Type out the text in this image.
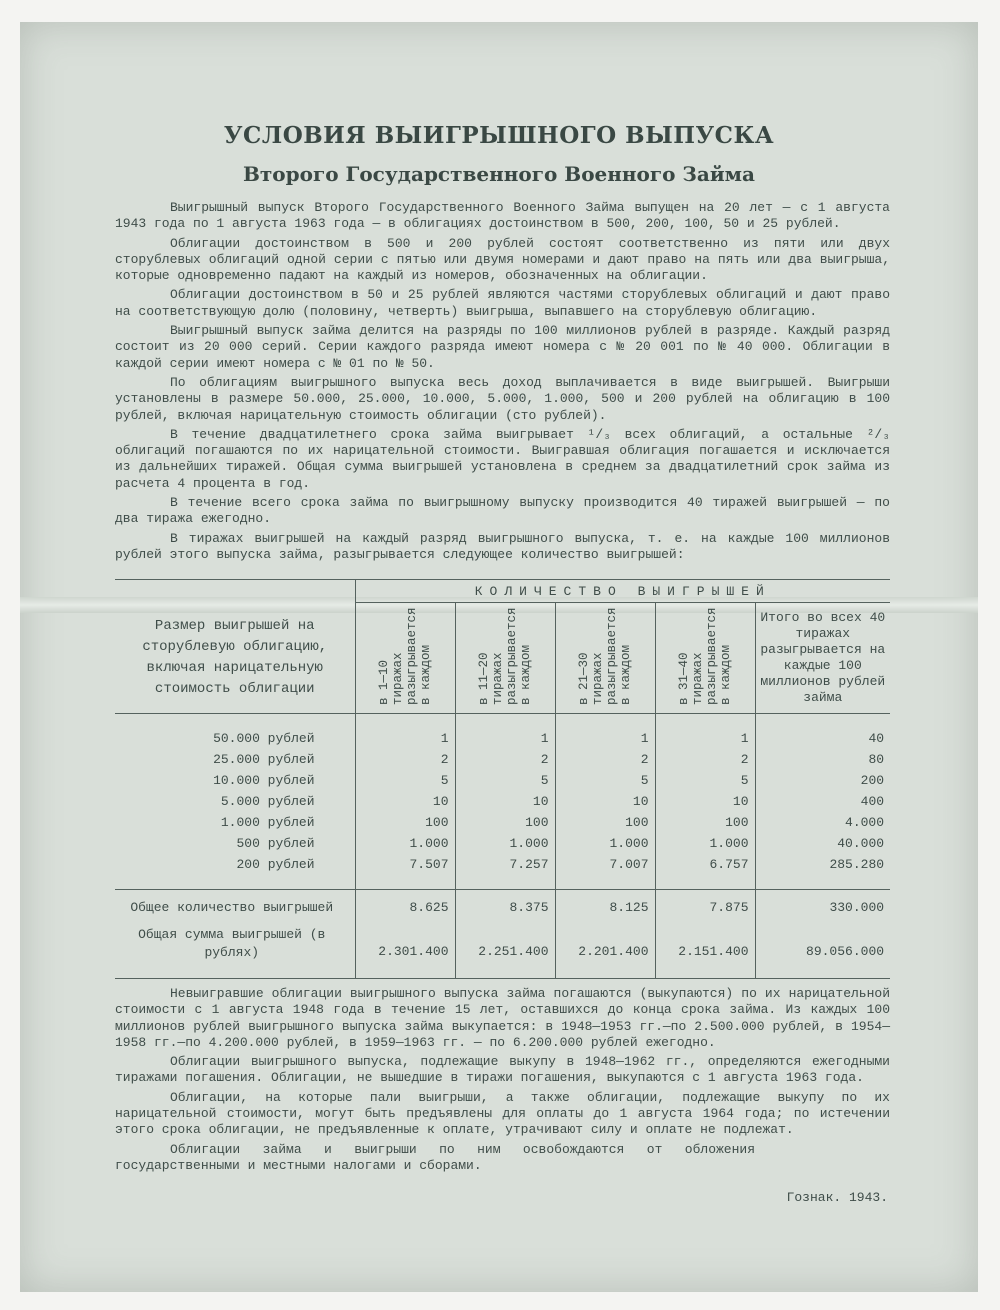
УСЛОВИЯ ВЫИГРЫШНОГО ВЫПУСКА
Второго Государственного Военного Займа

Выигрышный выпуск Второго Государственного Военного Займа выпущен на 20 лет — с 1 августа 1943 года по 1 августа 1963 года — в облигациях достоинством в 500, 200, 100, 50 и 25 рублей.

Облигации достоинством в 500 и 200 рублей состоят соответственно из пяти или двух сторублевых облигаций одной серии с пятью или двумя номерами и дают право на пять или два выигрыша, которые одновременно падают на каждый из номеров, обозначенных на облигации.

Облигации достоинством в 50 и 25 рублей являются частями сторублевых облигаций и дают право на соответствующую долю (половину, четверть) выигрыша, выпавшего на сторублевую облигацию.

Выигрышный выпуск займа делится на разряды по 100 миллионов рублей в разряде. Каждый разряд состоит из 20 000 серий. Серии каждого разряда имеют номера с № 20 001 по № 40 000. Облигации в каждой серии имеют номера с № 01 по № 50.

По облигациям выигрышного выпуска весь доход выплачивается в виде выигрышей. Выигрыши установлены в размере 50.000, 25.000, 10.000, 5.000, 1.000, 500 и 200 рублей на облигацию в 100 рублей, включая нарицательную стоимость облигации (сто рублей).

В течение двадцатилетнего срока займа выигрывает ¹/₃ всех облигаций, а остальные ²/₃ облигаций погашаются по их нарицательной стоимости. Выигравшая облигация погашается и исключается из дальнейших тиражей. Общая сумма выигрышей установлена в среднем за двадцатилетний срок займа из расчета 4 процента в год.

В течение всего срока займа по выигрышному выпуску производится 40 тиражей выигрышей — по два тиража ежегодно.

В тиражах выигрышей на каждый разряд выигрышного выпуска, т. е. на каждые 100 миллионов рублей этого выпуска займа, разыгрывается следующее количество выигрышей:

	КОЛИЧЕСТВО ВЫИГРЫШЕЙ				
Размер выигрышей на сторублевую облигацию, включая нарицательную стоимость облигации	в 1—10 тиражах разыгрывается в каждом	в 11—20 тиражах разыгрывается в каждом	в 21—30 тиражах разыгрывается в каждом	в 31—40 тиражах разыгрывается в каждом	Итого во всех 40 тиражах разыгрывается на каждые 100 миллионов рублей займа

50.000 рублей	1	1	1	1	40
25.000 рублей	2	2	2	2	80
10.000 рублей	5	5	5	5	200
5.000 рублей	10	10	10	10	400
1.000 рублей	100	100	100	100	4.000
500 рублей	1.000	1.000	1.000	1.000	40.000
200 рублей	7.507	7.257	7.007	6.757	285.280

Общее количество выигрышей	8.625	8.375	8.125	7.875	330.000
Общая сумма выигрышей (в рублях)	2.301.400	2.251.400	2.201.400	2.151.400	89.056.000

Невыигравшие облигации выигрышного выпуска займа погашаются (выкупаются) по их нарицательной стоимости с 1 августа 1948 года в течение 15 лет, оставшихся до конца срока займа. Из каждых 100 миллионов рублей выигрышного выпуска займа выкупается: в 1948—1953 гг.—по 2.500.000 рублей, в 1954—1958 гг.—по 4.200.000 рублей, в 1959—1963 гг. — по 6.200.000 рублей ежегодно.

Облигации выигрышного выпуска, подлежащие выкупу в 1948—1962 гг., определяются ежегодными тиражами погашения. Облигации, не вышедшие в тиражи погашения, выкупаются с 1 августа 1963 года.

Облигации, на которые пали выигрыши, а также облигации, подлежащие выкупу по их нарицательной стоимости, могут быть предъявлены для оплаты до 1 августа 1964 года; по истечении этого срока облигации, не предъявленные к оплате, утрачивают силу и оплате не подлежат.

Облигации займа и выигрыши по ним освобождаются от обложения государственными и местными налогами и сборами.

Гознак. 1943.
